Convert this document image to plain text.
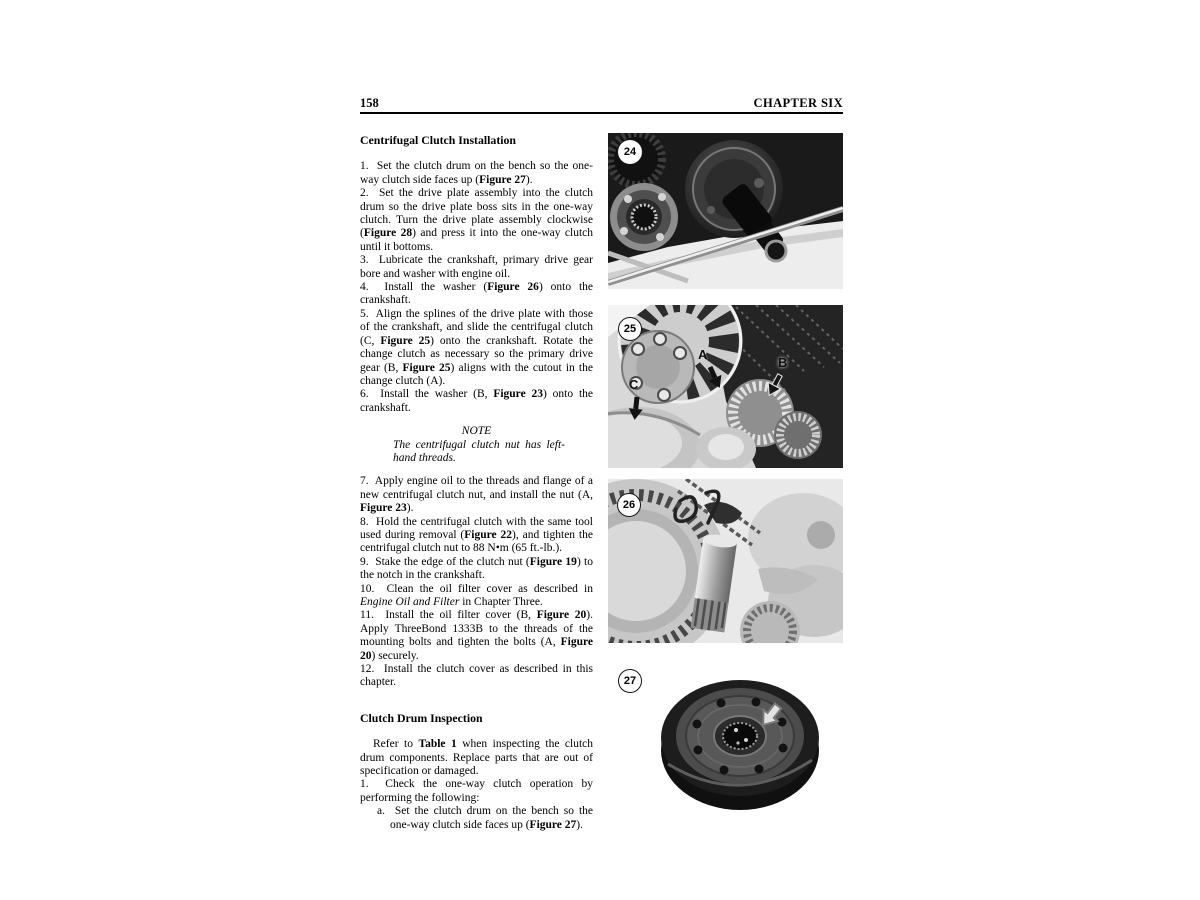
158	CHAPTER SIX
Centrifugal Clutch Installation

1.  Set the clutch drum on the bench so the one-way clutch side faces up (Figure 27).

2.  Set the drive plate assembly into the clutch drum so the drive plate boss sits in the one-way clutch. Turn the drive plate assembly clockwise (Figure 28) and press it into the one-way clutch until it bottoms.

3.  Lubricate the crankshaft, primary drive gear bore and washer with engine oil.

4.  Install the washer (Figure 26) onto the crankshaft.

5.  Align the splines of the drive plate with those of the crankshaft, and slide the centrifugal clutch (C, Figure 25) onto the crankshaft. Rotate the change clutch as necessary so the primary drive gear (B, Figure 25) aligns with the cutout in the change clutch (A).

6.  Install the washer (B, Figure 23) onto the crankshaft.

NOTE
The centrifugal clutch nut has left-hand threads.

7.  Apply engine oil to the threads and flange of a new centrifugal clutch nut, and install the nut (A, Figure 23).

8.  Hold the centrifugal clutch with the same tool used during removal (Figure 22), and tighten the centrifugal clutch nut to 88 N•m (65 ft.-lb.).

9.  Stake the edge of the clutch nut (Figure 19) to the notch in the crankshaft.

10.  Clean the oil filter cover as described in Engine Oil and Filter in Chapter Three.

11.  Install the oil filter cover (B, Figure 20). Apply ThreeBond 1333B to the threads of the mounting bolts and tighten the bolts (A, Figure 20) securely.

12.  Install the clutch cover as described in this chapter.

Clutch Drum Inspection

Refer to Table 1 when inspecting the clutch drum components. Replace parts that are out of specification or damaged.

1.  Check the one-way clutch operation by performing the following:

a.  Set the clutch drum on the bench so the one-way clutch side faces up (Figure 27).

24
25
A
B
C
26
27
